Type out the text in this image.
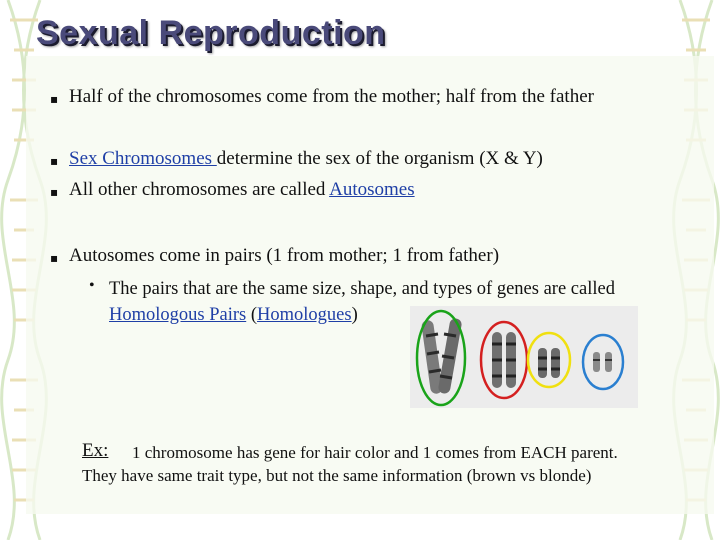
Sexual Reproduction
▪ Half of the chromosomes come from the mother; half from the father
▪ Sex Chromosomes determine the sex of the organism (X & Y)
▪ All other chromosomes are called Autosomes
▪ Autosomes come in pairs (1 from mother; 1 from father)
• The pairs that are the same size, shape, and types of genes are called
Homologous Pairs (Homologues)
Ex: 1 chromosome has gene for hair color and 1 comes from EACH parent.
They have same trait type, but not the same information (brown vs blonde)
